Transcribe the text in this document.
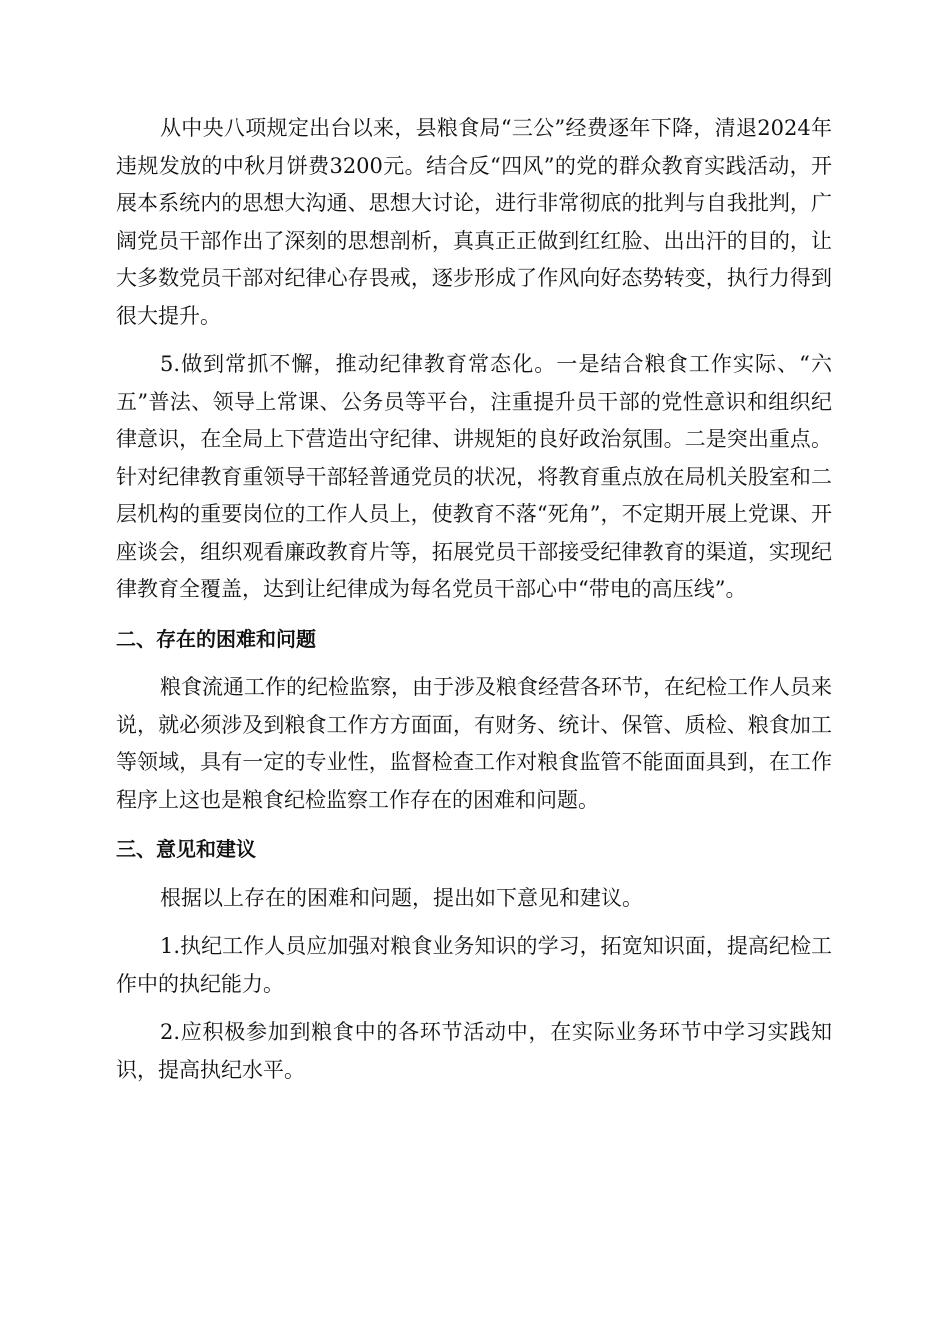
从中央八项规定出台以来，县粮食局“三公”经费逐年下降，清退2024年违规发放的中秋月饼费3200元。结合反“四风”的党的群众教育实践活动，开展本系统内的思想大沟通、思想大讨论，进行非常彻底的批判与自我批判，广阔党员干部作出了深刻的思想剖析，真真正正做到红红脸、出出汗的目的，让大多数党员干部对纪律心存畏戒，逐步形成了作风向好态势转变，执行力得到很大提升。

5.做到常抓不懈，推动纪律教育常态化。一是结合粮食工作实际、“六五”普法、领导上常课、公务员等平台，注重提升员干部的党性意识和组织纪律意识，在全局上下营造出守纪律、讲规矩的良好政治氛围。二是突出重点。针对纪律教育重领导干部轻普通党员的状况，将教育重点放在局机关股室和二层机构的重要岗位的工作人员上，使教育不落“死角”，不定期开展上党课、开座谈会，组织观看廉政教育片等，拓展党员干部接受纪律教育的渠道，实现纪律教育全覆盖，达到让纪律成为每名党员干部心中“带电的高压线”。

二、存在的困难和问题

粮食流通工作的纪检监察，由于涉及粮食经营各环节，在纪检工作人员来说，就必须涉及到粮食工作方方面面，有财务、统计、保管、质检、粮食加工等领域，具有一定的专业性，监督检查工作对粮食监管不能面面具到，在工作程序上这也是粮食纪检监察工作存在的困难和问题。

三、意见和建议

根据以上存在的困难和问题，提出如下意见和建议。

1.执纪工作人员应加强对粮食业务知识的学习，拓宽知识面，提高纪检工作中的执纪能力。

2.应积极参加到粮食中的各环节活动中，在实际业务环节中学习实践知识，提高执纪水平。
